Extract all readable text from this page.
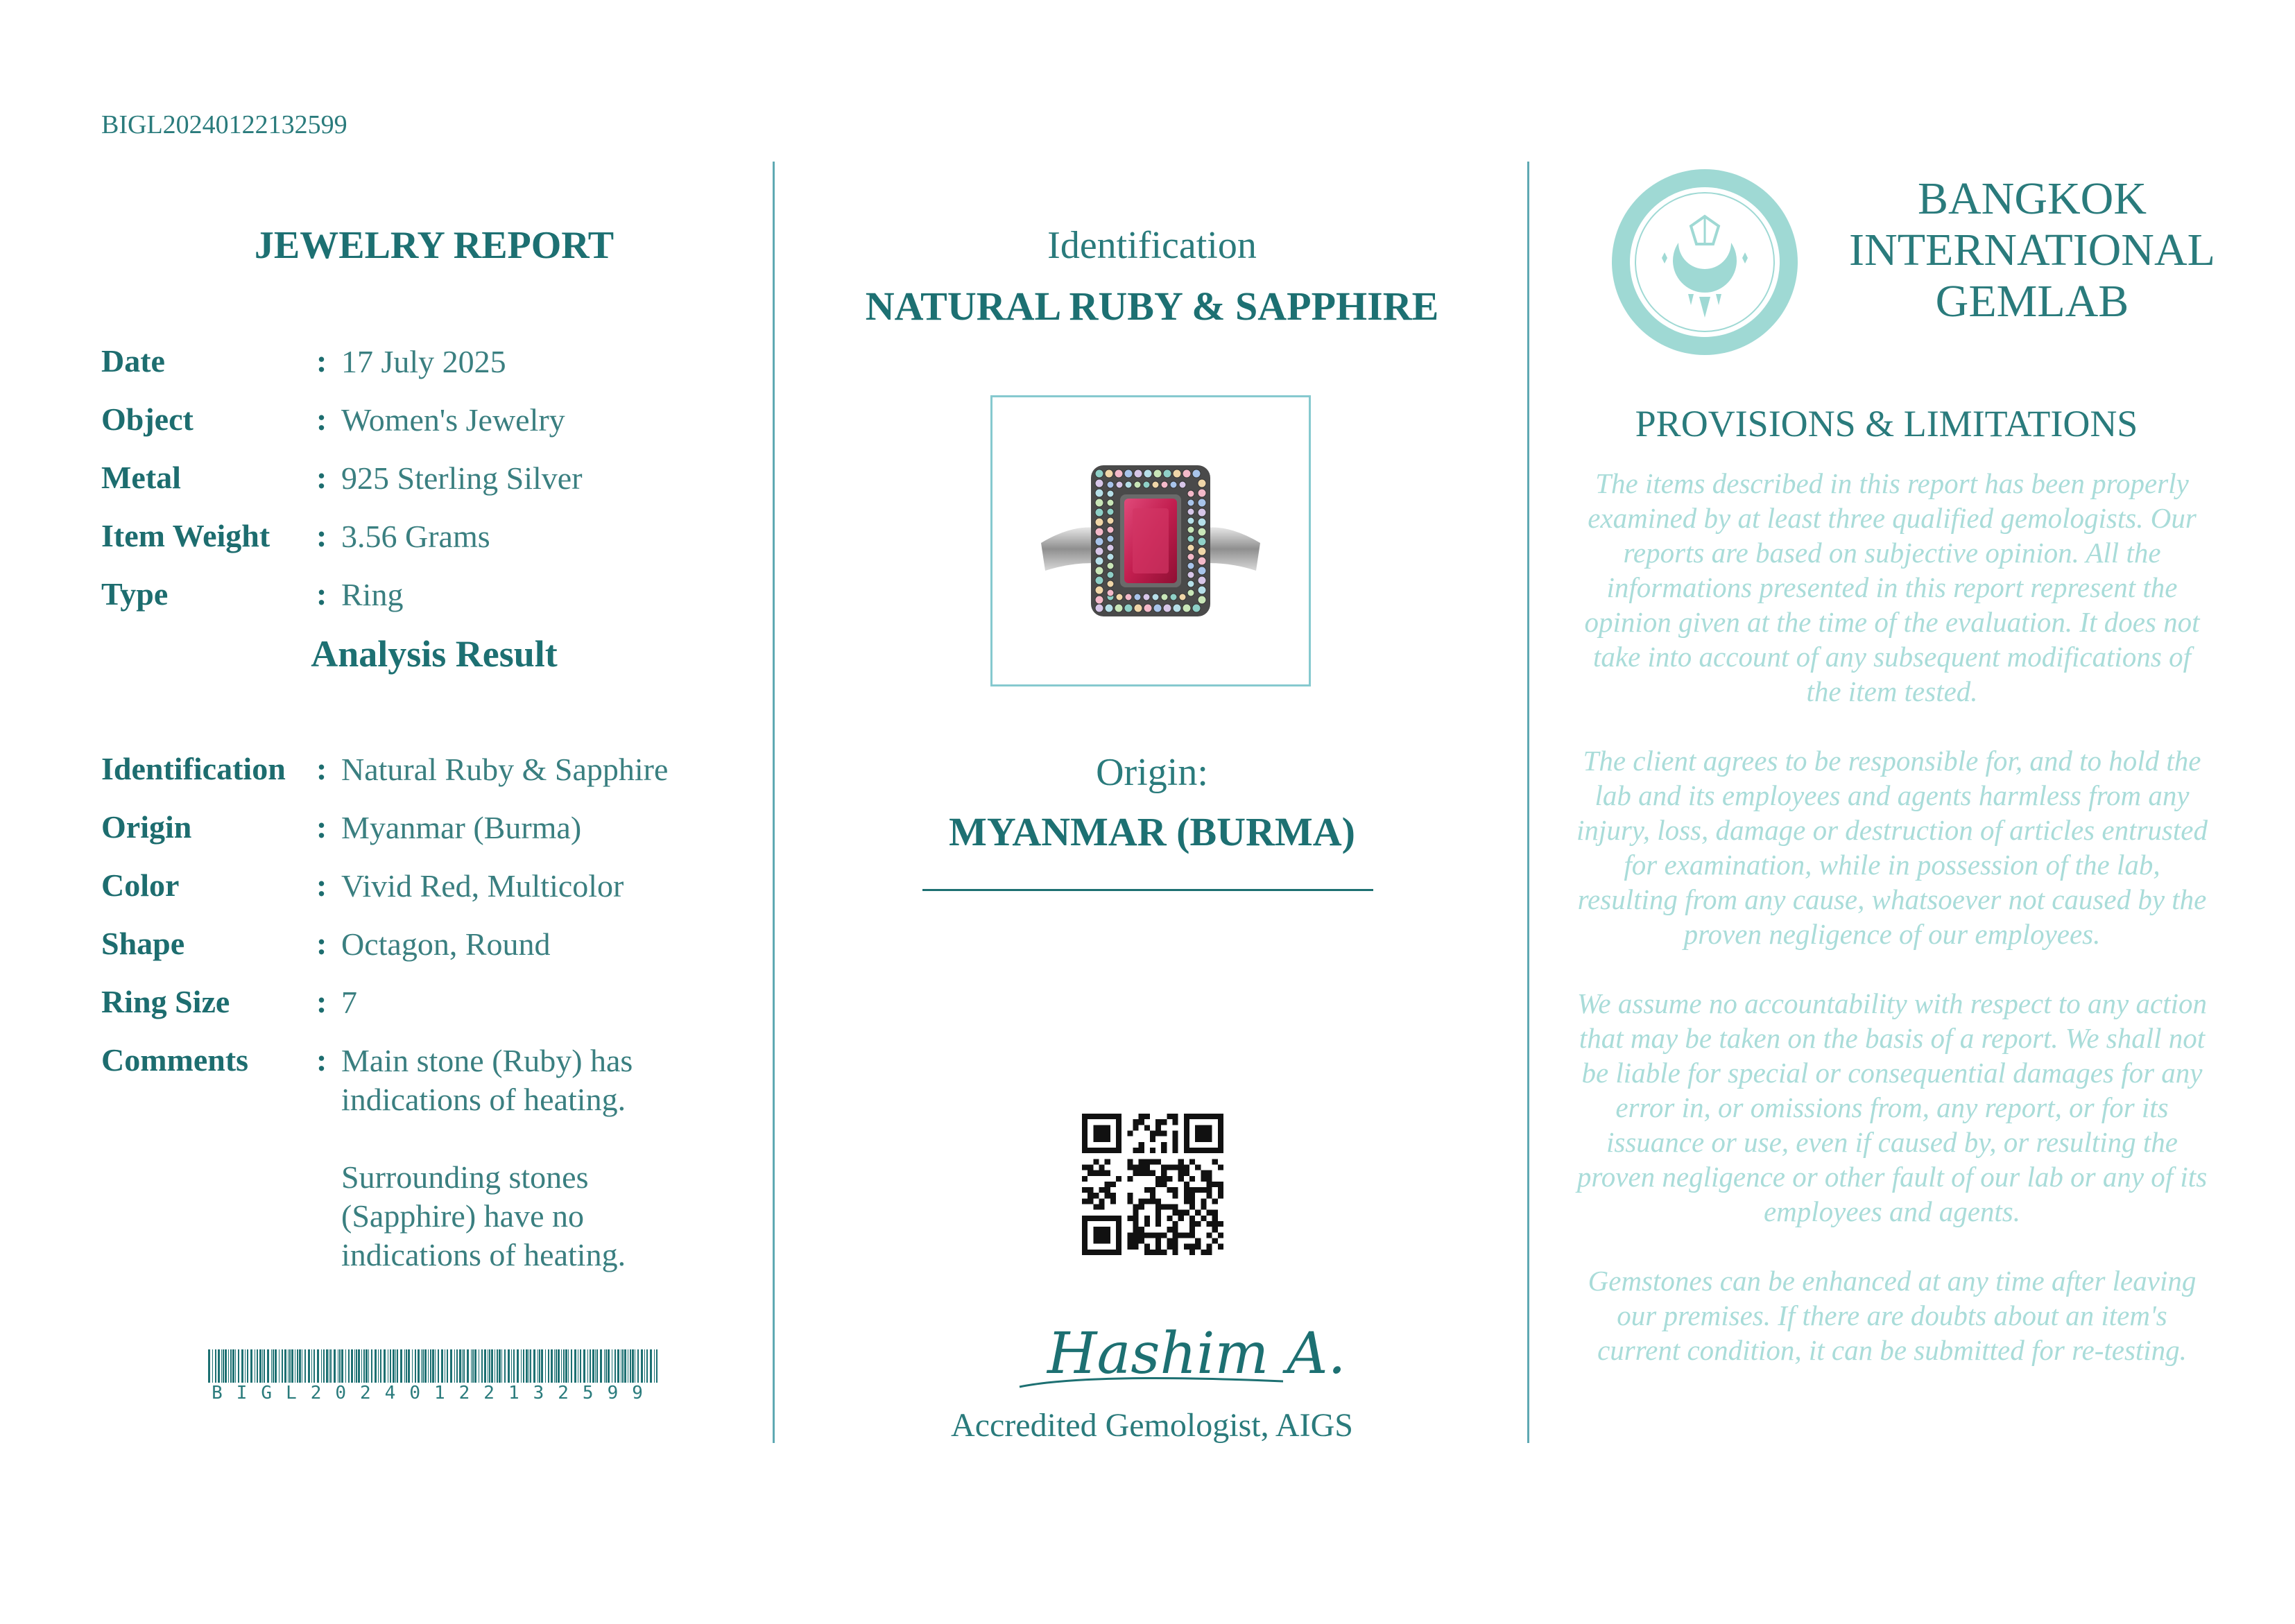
BIGL20240122132599
JEWELRY REPORT
Date	: 17 July 2025
Object	: Women's Jewelry
Metal	: 925 Sterling Silver
Item Weight	: 3.56 Grams
Type	: Ring
Analysis Result
Identification : Natural Ruby & Sapphire
Origin	: Myanmar (Burma)
Color	: Vivid Red, Multicolor
Shape	: Octagon, Round
Ring Size	: 7
Comments	: Main stone (Ruby) has

indications of heating.

Surrounding stones

(Sapphire) have no

indications of heating.

BIGL20240122132599
Identification
NATURAL RUBY & SAPPHIRE
Origin:
MYANMAR (BURMA)
Hashim A.
Accredited Gemologist, AIGS
BANGKOK
INTERNATIONAL
GEMLAB
PROVISIONS & LIMITATIONS

The items described in this report has been properly examined by at least three qualified gemologists. Our reports are based on subjective opinion. All the informations presented in this report represent the opinion given at the time of the evaluation. It does not take into account of any subsequent modifications of the item tested.

The client agrees to be responsible for, and to hold the lab and its employees and agents harmless from any injury, loss, damage or destruction of articles entrusted for examination, while in possession of the lab, resulting from any cause, whatsoever not caused by the proven negligence of our employees.

We assume no accountability with respect to any action that may be taken on the basis of a report. We shall not be liable for special or consequential damages for any error in, or omissions from, any report, or for its issuance or use, even if caused by, or resulting the proven negligence or other fault of our lab or any of its employees and agents.

Gemstones can be enhanced at any time after leaving our premises. If there are doubts about an item's current condition, it can be submitted for re-testing.
